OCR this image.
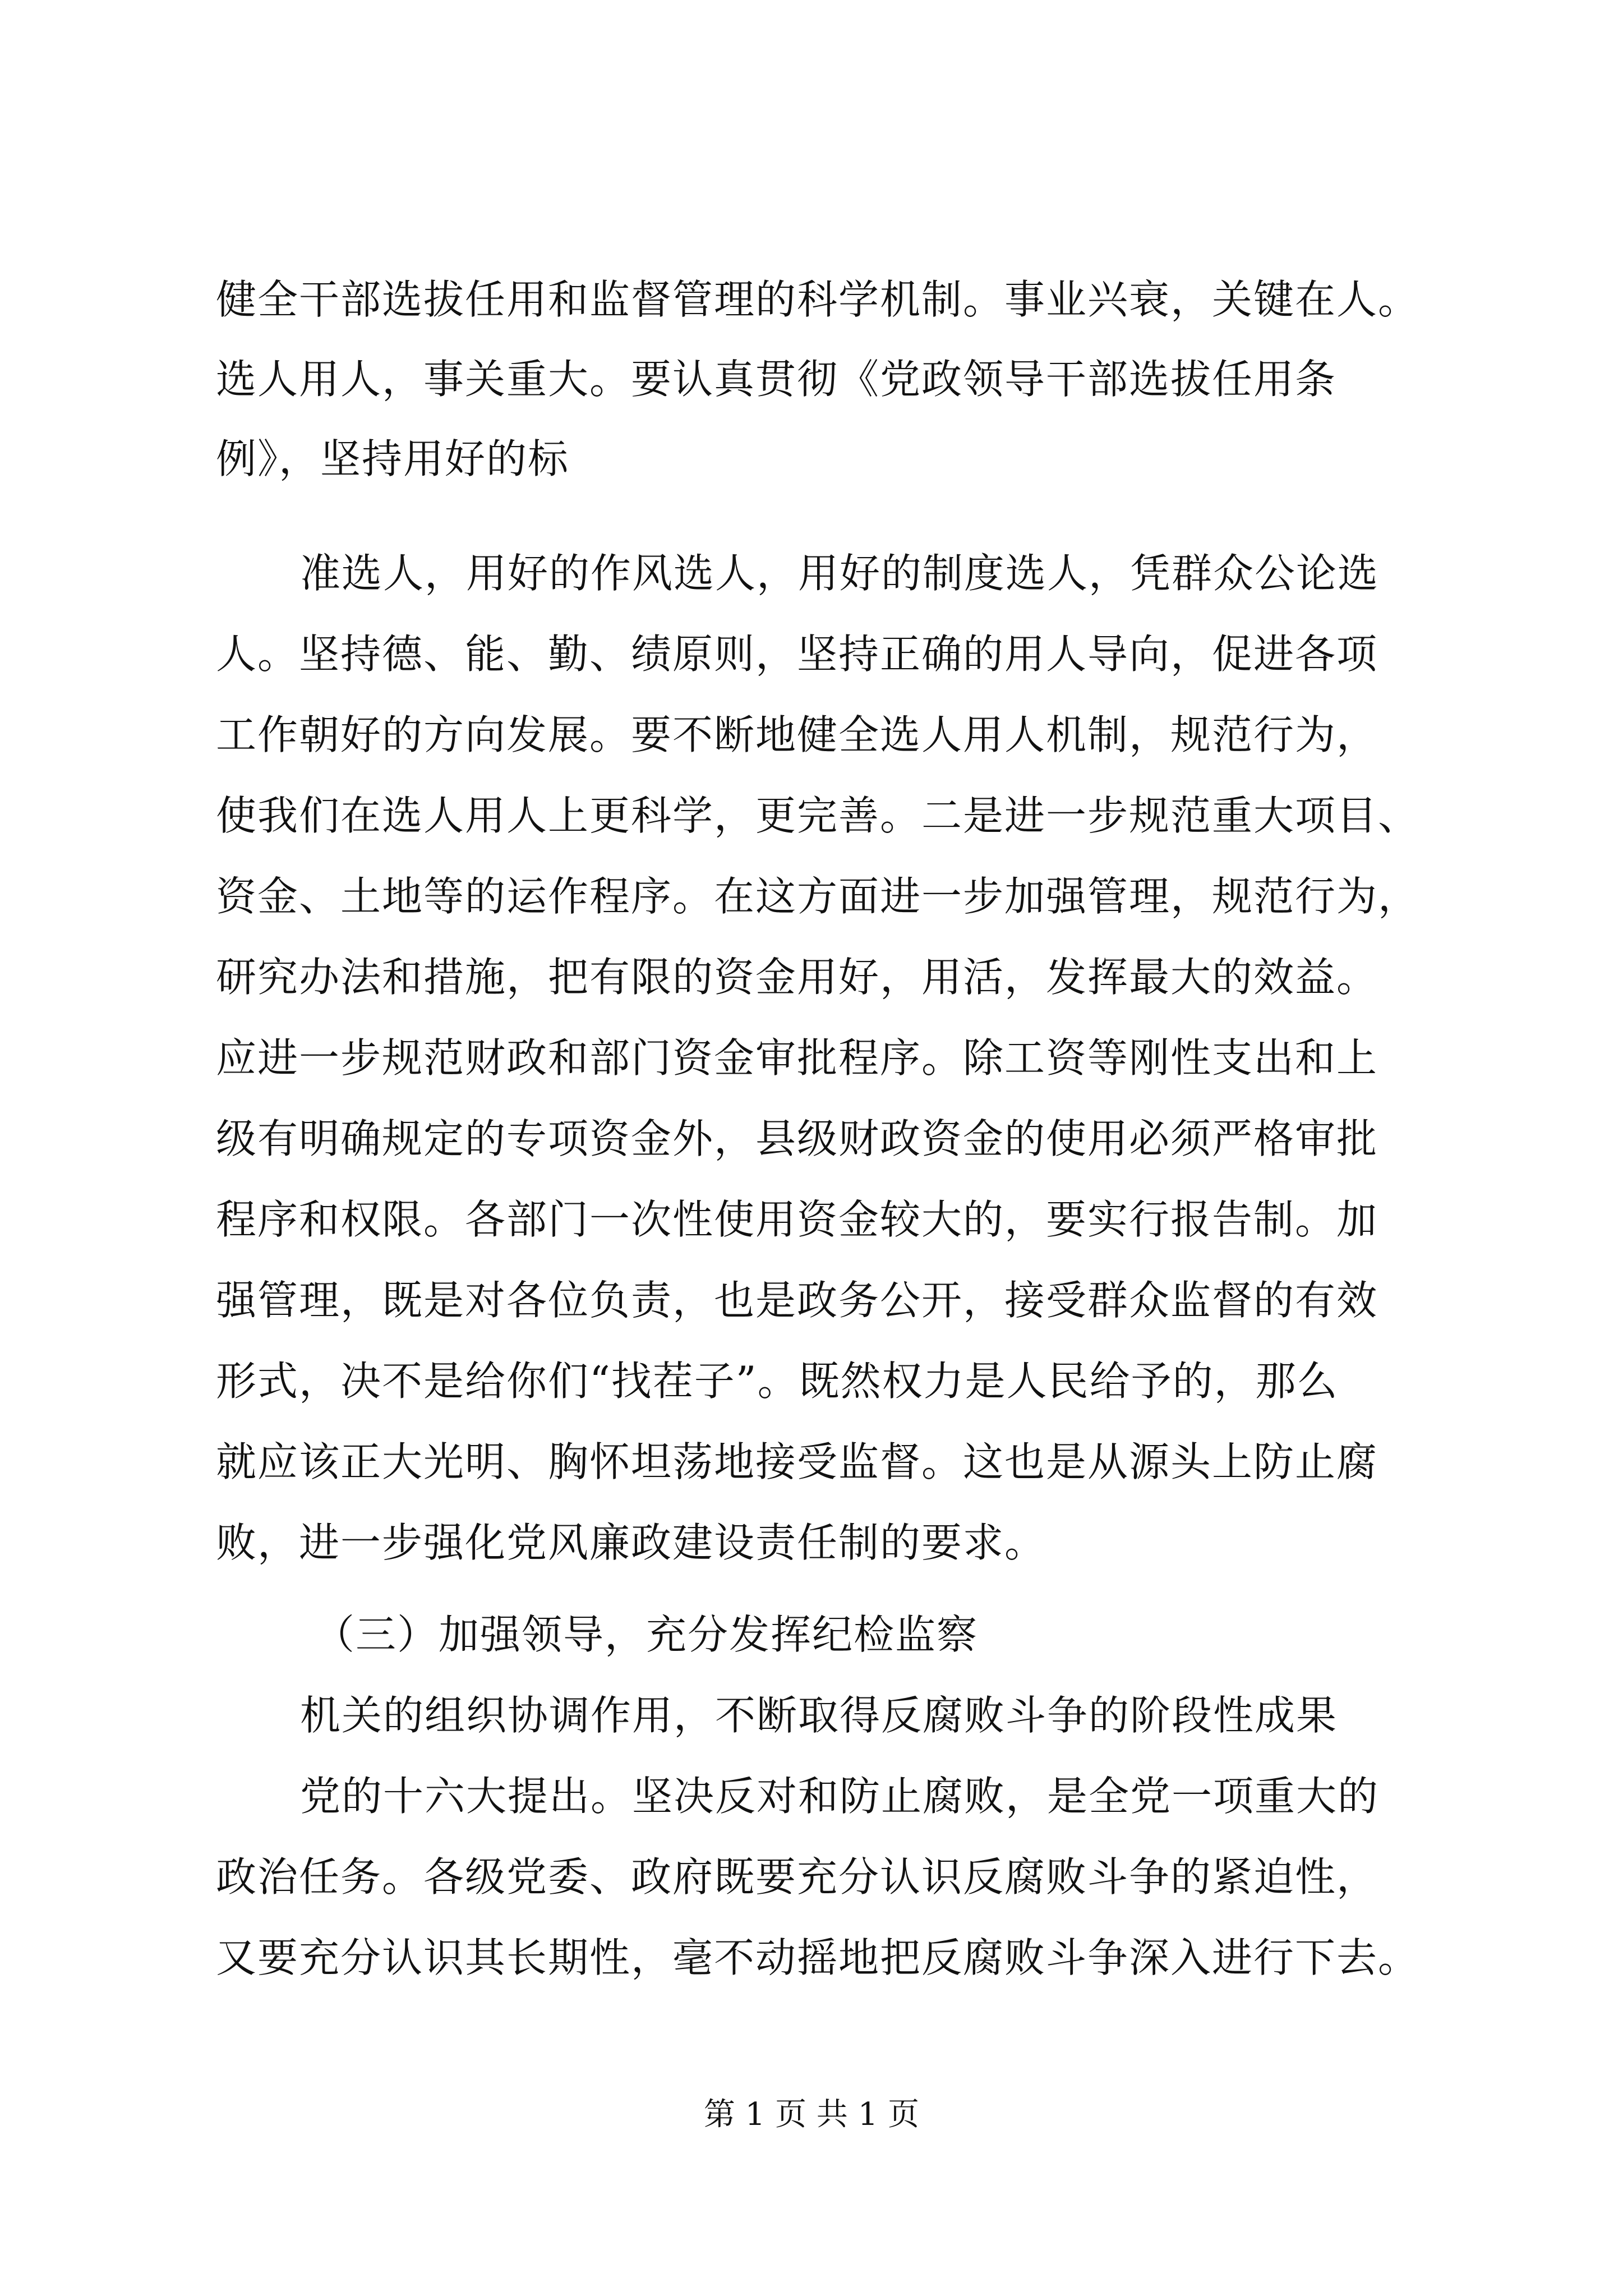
健全干部选拔任用和监督管理的科学机制。事业兴衰，关键在人。
选人用人，事关重大。要认真贯彻《党政领导干部选拔任用条
例》，坚持用好的标
准选人，用好的作风选人，用好的制度选人，凭群众公论选
人。坚持德、能、勤、绩原则，坚持正确的用人导向，促进各项
工作朝好的方向发展。要不断地健全选人用人机制，规范行为，
使我们在选人用人上更科学，更完善。二是进一步规范重大项目、
资金、土地等的运作程序。在这方面进一步加强管理，规范行为，
研究办法和措施，把有限的资金用好，用活，发挥最大的效益。
应进一步规范财政和部门资金审批程序。除工资等刚性支出和上
级有明确规定的专项资金外，县级财政资金的使用必须严格审批
程序和权限。各部门一次性使用资金较大的，要实行报告制。加
强管理，既是对各位负责，也是政务公开，接受群众监督的有效
形式，决不是给你们“找茬子”。既然权力是人民给予的，那么
就应该正大光明、胸怀坦荡地接受监督。这也是从源头上防止腐
败，进一步强化党风廉政建设责任制的要求。
（三）加强领导，充分发挥纪检监察
机关的组织协调作用，不断取得反腐败斗争的阶段性成果
党的十六大提出。坚决反对和防止腐败，是全党一项重大的
政治任务。各级党委、政府既要充分认识反腐败斗争的紧迫性，
又要充分认识其长期性，毫不动摇地把反腐败斗争深入进行下去。
第 1 页 共 1 页
